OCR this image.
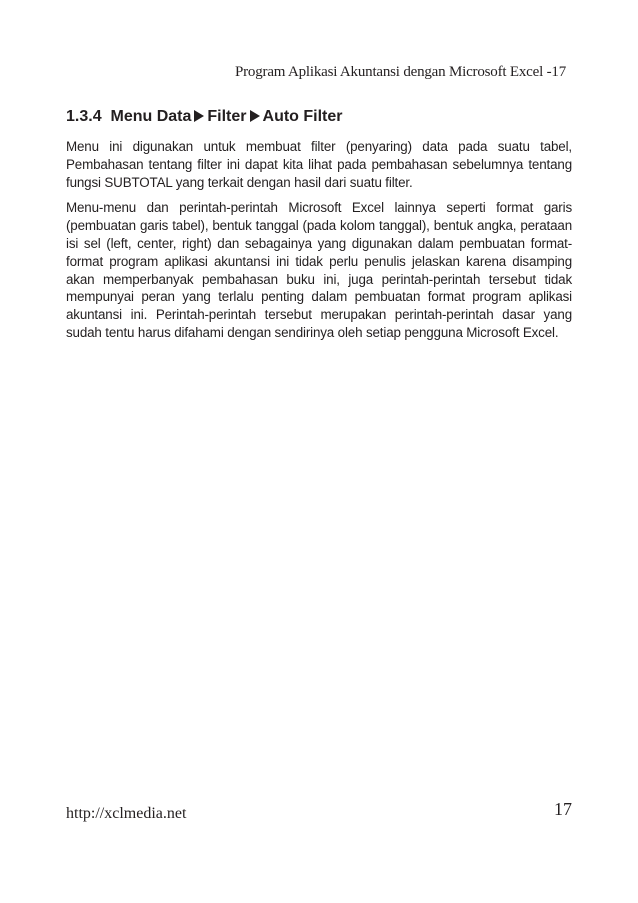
Program Aplikasi Akuntansi dengan Microsoft Excel -17
1.3.4 Menu Data Filter Auto Filter

Menu ini digunakan untuk membuat filter (penyaring) data pada suatu tabel, Pembahasan tentang filter ini dapat kita lihat pada pembahasan sebelumnya tentang fungsi SUBTOTAL yang terkait dengan hasil dari suatu filter.

Menu-menu dan perintah-perintah Microsoft Excel lainnya seperti format garis (pembuatan garis tabel), bentuk tanggal (pada kolom tanggal), bentuk angka, perataan isi sel (left, center, right) dan sebagainya yang digunakan dalam pembuatan format-format program aplikasi akuntansi ini tidak perlu penulis jelaskan karena disamping akan memperbanyak pembahasan buku ini, juga perintah-perintah tersebut tidak mempunyai peran yang terlalu penting dalam pembuatan format program aplikasi akuntansi ini. Perintah-perintah tersebut merupakan perintah-perintah dasar yang sudah tentu harus difahami dengan sendirinya oleh setiap pengguna Microsoft Excel.

http://xclmedia.net	17
